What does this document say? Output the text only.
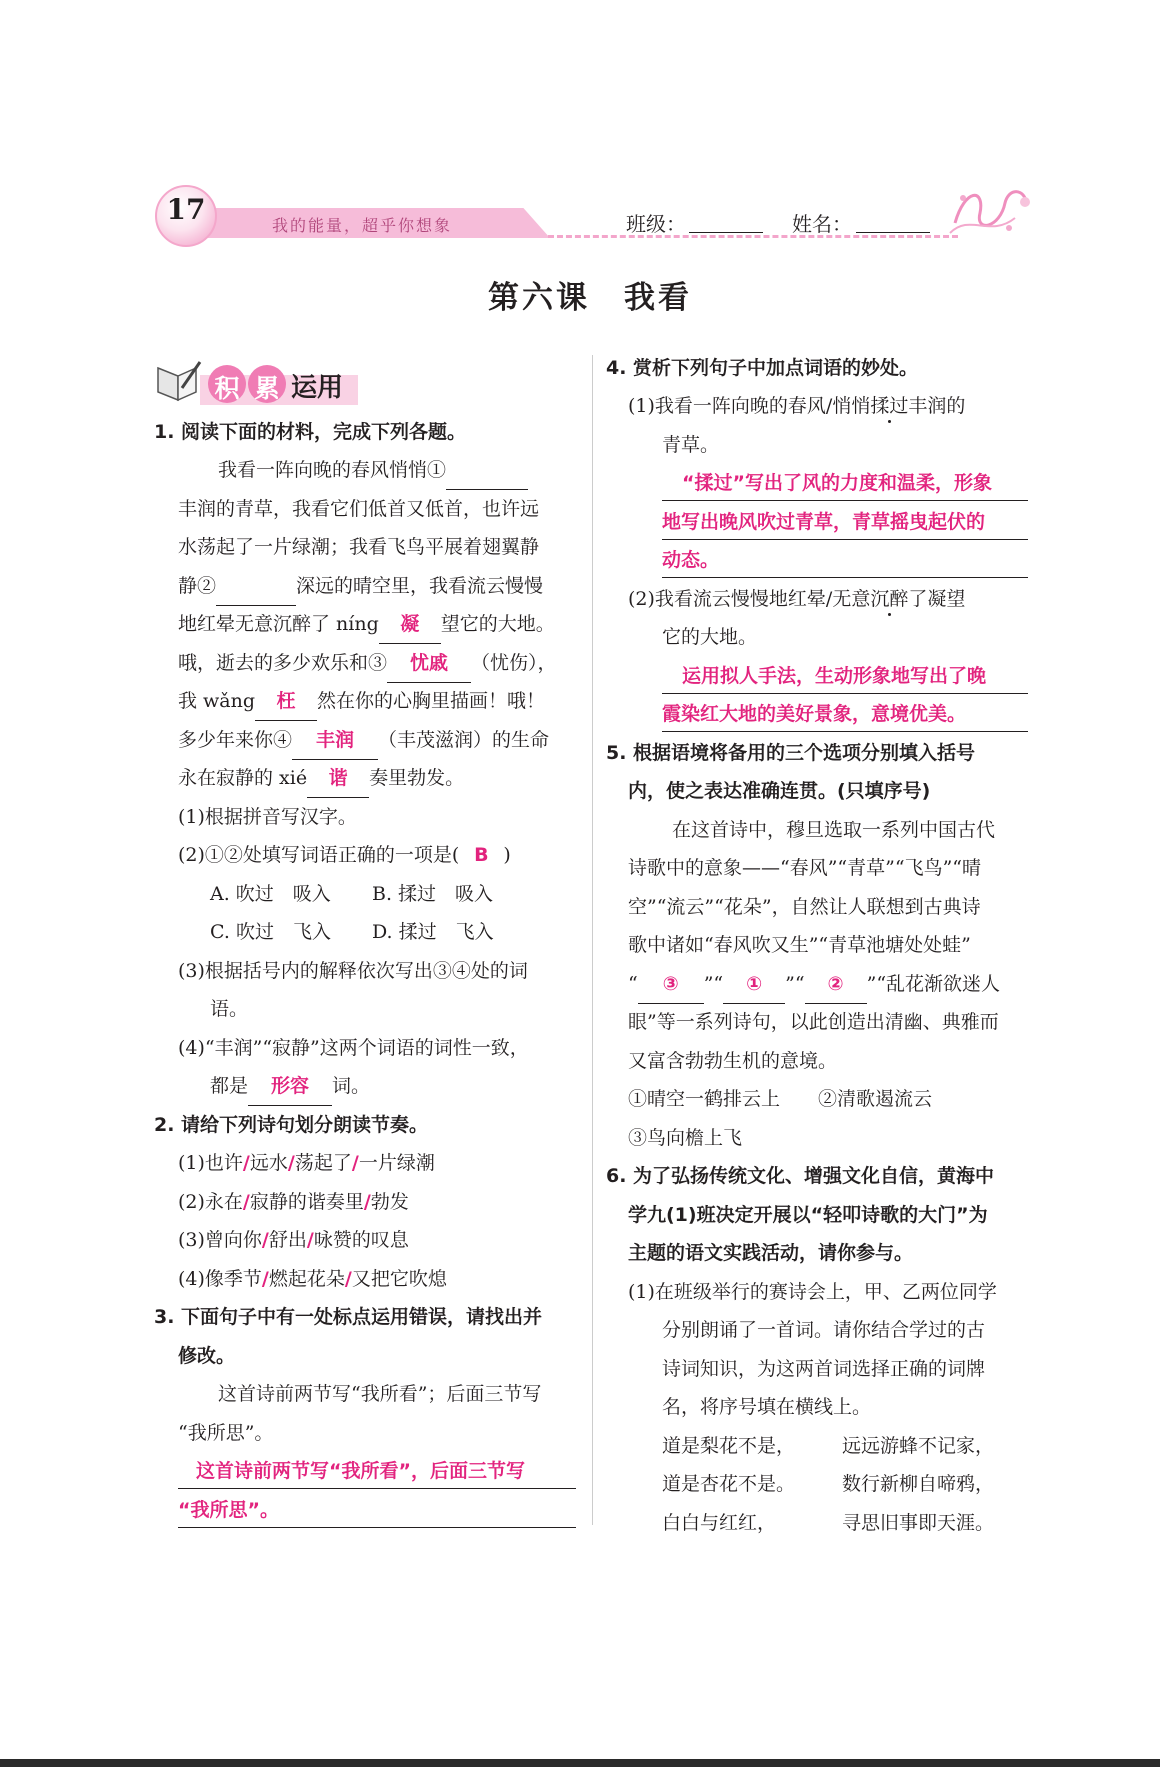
17	我的能量，超乎你想象	班级：	姓名：
第六课　我看
积 累 运用
1. 阅读下面的材料，完成下列各题。
我看一阵向晚的春风悄悄①
丰润的青草，我看它们低首又低首，也许远
水荡起了一片绿潮；我看飞鸟平展着翅翼静
静②	深远的晴空里，我看流云慢慢
地红晕无意沉醉了 níng 凝 望它的大地。
哦，逝去的多少欢乐和③ 忧戚 （忧伤），
我 wǎng 枉 然在你的心胸里描画！哦！
多少年来你④ 丰润 （丰茂滋润）的生命
永在寂静的 xié 谐 奏里勃发。
(1)根据拼音写汉字。
(2)①②处填写词语正确的一项是( B )
A. 吹过　吸入 B. 揉过　吸入
C. 吹过　飞入 D. 揉过　飞入
(3)根据括号内的解释依次写出③④处的词
语。
(4)“丰润”“寂静”这两个词语的词性一致，
都是 形容 词。
2. 请给下列诗句划分朗读节奏。
(1)也许/远水/荡起了/一片绿潮
(2)永在/寂静的谐奏里/勃发
(3)曾向你/舒出/咏赞的叹息
(4)像季节/燃起花朵/又把它吹熄
3. 下面句子中有一处标点运用错误，请找出并
修改。
这首诗前两节写“我所看”；后面三节写
“我所思”。
这首诗前两节写“我所看”，后面三节写
“我所思”。
4. 赏析下列句子中加点词语的妙处。
(1)我看一阵向晚的春风/悄悄揉过丰润的
青草。
“揉过”写出了风的力度和温柔，形象
地写出晚风吹过青草，青草摇曳起伏的
动态。
(2)我看流云慢慢地红晕/无意沉醉了凝望
它的大地。
运用拟人手法，生动形象地写出了晚
霞染红大地的美好景象，意境优美。
5. 根据语境将备用的三个选项分别填入括号
内，使之表达准确连贯。(只填序号)
在这首诗中，穆旦选取一系列中国古代
诗歌中的意象——“春风”“青草”“飞鸟”“晴
空”“流云”“花朵”，自然让人联想到古典诗
歌中诸如“春风吹又生”“青草池塘处处蛙”
“ ③ ”“ ① ”“ ② ”“乱花渐欲迷人
眼”等一系列诗句，以此创造出清幽、典雅而
又富含勃勃生机的意境。
①晴空一鹤排云上 ②清歌遏流云
③鸟向檐上飞
6. 为了弘扬传统文化、增强文化自信，黄海中
学九(1)班决定开展以“轻叩诗歌的大门”为
主题的语文实践活动，请你参与。
(1)在班级举行的赛诗会上，甲、乙两位同学
分别朗诵了一首词。请你结合学过的古
诗词知识，为这两首词选择正确的词牌
名，将序号填在横线上。
道是梨花不是，
道是杏花不是。
白白与红红，
远远游蜂不记家，
数行新柳自啼鸦，
寻思旧事即天涯。
